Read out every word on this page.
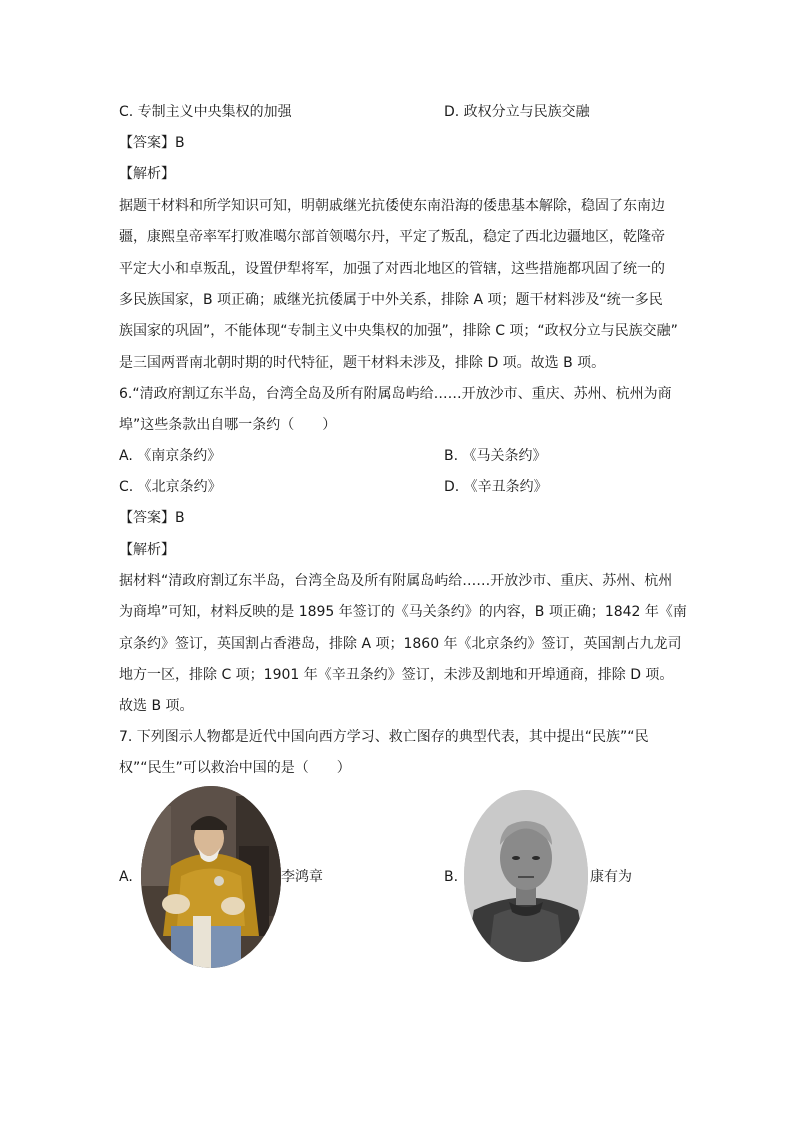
C. 专制主义中央集权的加强	D. 政权分立与民族交融
【答案】B
【解析】
据题干材料和所学知识可知，明朝戚继光抗倭使东南沿海的倭患基本解除，稳固了东南边
疆，康熙皇帝率军打败准噶尔部首领噶尔丹，平定了叛乱，稳定了西北边疆地区，乾隆帝
平定大小和卓叛乱，设置伊犁将军，加强了对西北地区的管辖，这些措施都巩固了统一的
多民族国家，B 项正确；戚继光抗倭属于中外关系，排除 A 项；题干材料涉及“统一多民
族国家的巩固”，不能体现“专制主义中央集权的加强”，排除 C 项；“政权分立与民族交融”
是三国两晋南北朝时期的时代特征，题干材料未涉及，排除 D 项。故选 B 项。
6.“清政府割辽东半岛，台湾全岛及所有附属岛屿给……开放沙市、重庆、苏州、杭州为商
埠”这些条款出自哪一条约（　　）
A. 《南京条约》	B. 《马关条约》
C. 《北京条约》	D. 《辛丑条约》
【答案】B
【解析】
据材料“清政府割辽东半岛，台湾全岛及所有附属岛屿给……开放沙市、重庆、苏州、杭州
为商埠”可知，材料反映的是 1895 年签订的《马关条约》的内容，B 项正确；1842 年《南
京条约》签订，英国割占香港岛，排除 A 项；1860 年《北京条约》签订，英国割占九龙司
地方一区，排除 C 项；1901 年《辛丑条约》签订，未涉及割地和开埠通商，排除 D 项。
故选 B 项。
7. 下列图示人物都是近代中国向西方学习、救亡图存的典型代表，其中提出“民族”“民
权”“民生”可以救治中国的是（　　）
A.	李鸿章	B.	康有为
